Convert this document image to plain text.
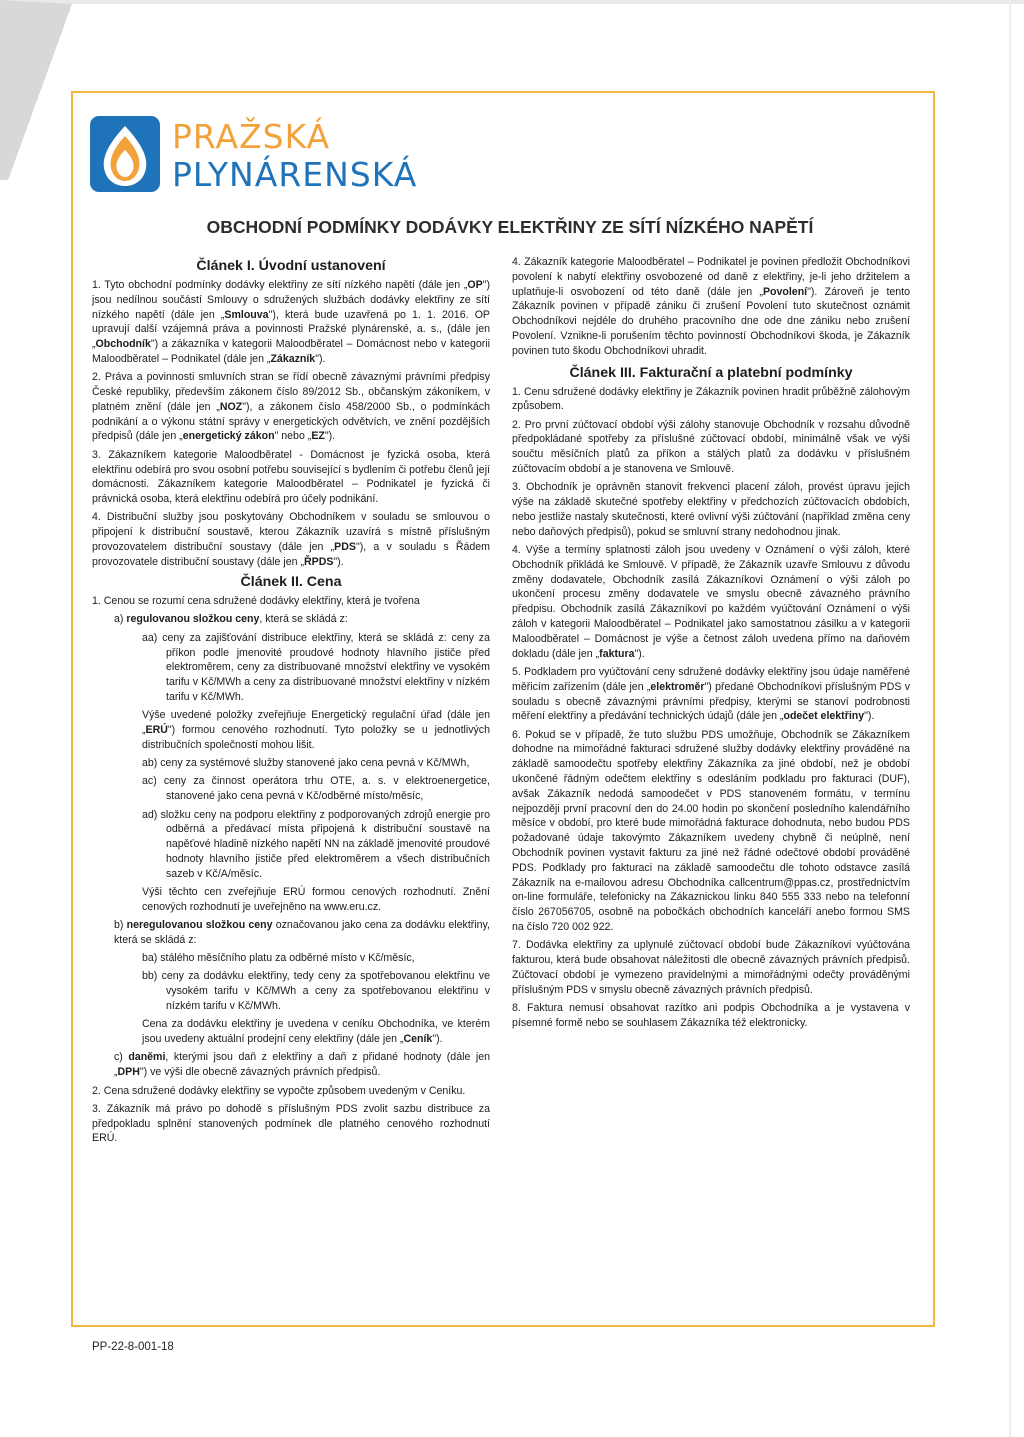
PRAŽSKÁ
PLYNÁRENSKÁ
OBCHODNÍ PODMÍNKY DODÁVKY ELEKTŘINY ZE SÍTÍ NÍZKÉHO NAPĚTÍ
Článek I. Úvodní ustanovení

1. Tyto obchodní podmínky dodávky elektřiny ze sítí nízkého napětí (dále jen „OP") jsou nedílnou součástí Smlouvy o sdružených službách dodávky elektřiny ze sítí nízkého napětí (dále jen „Smlouva"), která bude uzavřená po 1. 1. 2016. OP upravují další vzájemná práva a povinnosti Pražské plynárenské, a. s., (dále jen „Obchodník") a zákazníka v kategorii Maloodběratel – Domácnost nebo v kategorii Maloodběratel – Podnikatel (dále jen „Zákazník").

2. Práva a povinnosti smluvních stran se řídí obecně závaznými právními předpisy České republiky, především zákonem číslo 89/2012 Sb., občanským zákoníkem, v platném znění (dále jen „NOZ"), a zákonem číslo 458/2000 Sb., o podmínkách podnikání a o výkonu státní správy v energetických odvětvích, ve znění pozdějších předpisů (dále jen „energetický zákon" nebo „EZ").

3. Zákazníkem kategorie Maloodběratel - Domácnost je fyzická osoba, která elektřinu odebírá pro svou osobní potřebu související s bydlením či potřebu členů její domácnosti. Zákazníkem kategorie Maloodběratel – Podnikatel je fyzická či právnická osoba, která elektřinu odebírá pro účely podnikání.

4. Distribuční služby jsou poskytovány Obchodníkem v souladu se smlouvou o připojení k distribuční soustavě, kterou Zákazník uzavírá s místně příslušným provozovatelem distribuční soustavy (dále jen „PDS"), a v souladu s Řádem provozovatele distribuční soustavy (dále jen „ŘPDS").

Článek II. Cena

1. Cenou se rozumí cena sdružené dodávky elektřiny, která je tvořena

a) regulovanou složkou ceny, která se skládá z:

aa) ceny za zajišťování distribuce elektřiny, která se skládá z: ceny za příkon podle jmenovité proudové hodnoty hlavního jističe před elektroměrem, ceny za distribuované množství elektřiny ve vysokém tarifu v Kč/MWh a ceny za distribuované množství elektřiny v nízkém tarifu v Kč/MWh.

Výše uvedené položky zveřejňuje Energetický regulační úřad (dále jen „ERÚ") formou cenového rozhodnutí. Tyto položky se u jednotlivých distribučních společností mohou lišit.

ab) ceny za systémové služby stanovené jako cena pevná v Kč/MWh,

ac) ceny za činnost operátora trhu OTE, a. s. v elektroenergetice, stanovené jako cena pevná v Kč/odběrné místo/měsíc,

ad) složku ceny na podporu elektřiny z podporovaných zdrojů energie pro odběrná a předávací místa připojená k distribuční soustavě na napěťové hladině nízkého napětí NN na základě jmenovité proudové hodnoty hlavního jističe před elektroměrem a všech distribučních sazeb v Kč/A/měsíc.

Výši těchto cen zveřejňuje ERÚ formou cenových rozhodnutí. Znění cenových rozhodnutí je uveřejněno na www.eru.cz.

b) neregulovanou složkou ceny označovanou jako cena za dodávku elektřiny, která se skládá z:

ba) stálého měsíčního platu za odběrné místo v Kč/měsíc,

bb) ceny za dodávku elektřiny, tedy ceny za spotřebovanou elektřinu ve vysokém tarifu v Kč/MWh a ceny za spotřebovanou elektřinu v nízkém tarifu v Kč/MWh.

Cena za dodávku elektřiny je uvedena v ceníku Obchodníka, ve kterém jsou uvedeny aktuální prodejní ceny elektřiny (dále jen „Ceník").

c) daněmi, kterými jsou daň z elektřiny a daň z přidané hodnoty (dále jen „DPH") ve výši dle obecně závazných právních předpisů.

2. Cena sdružené dodávky elektřiny se vypočte způsobem uvedeným v Ceníku.

3. Zákazník má právo po dohodě s příslušným PDS zvolit sazbu distribuce za předpokladu splnění stanovených podmínek dle platného cenového rozhodnutí ERÚ.

4. Zákazník kategorie Maloodběratel – Podnikatel je povinen předložit Obchodníkovi povolení k nabytí elektřiny osvobozené od daně z elektřiny, je-li jeho držitelem a uplatňuje-li osvobození od této daně (dále jen „Povolení"). Zároveň je tento Zákazník povinen v případě zániku či zrušení Povolení tuto skutečnost oznámit Obchodníkovi nejdéle do druhého pracovního dne ode dne zániku nebo zrušení Povolení. Vznikne-li porušením těchto povinností Obchodníkovi škoda, je Zákazník povinen tuto škodu Obchodníkovi uhradit.

Článek III. Fakturační a platební podmínky

1. Cenu sdružené dodávky elektřiny je Zákazník povinen hradit průběžně zálohovým způsobem.

2. Pro první zúčtovací období výši zálohy stanovuje Obchodník v rozsahu důvodně předpokládané spotřeby za příslušné zúčtovací období, minimálně však ve výši součtu měsíčních platů za příkon a stálých platů za dodávku v příslušném zúčtovacím období a je stanovena ve Smlouvě.

3. Obchodník je oprávněn stanovit frekvenci placení záloh, provést úpravu jejich výše na základě skutečné spotřeby elektřiny v předchozích zúčtovacích obdobích, nebo jestliže nastaly skutečnosti, které ovlivní výši zúčtování (například změna ceny nebo daňových předpisů), pokud se smluvní strany nedohodnou jinak.

4. Výše a termíny splatnosti záloh jsou uvedeny v Oznámení o výši záloh, které Obchodník přikládá ke Smlouvě. V případě, že Zákazník uzavře Smlouvu z důvodu změny dodavatele, Obchodník zasílá Zákazníkovi Oznámení o výši záloh po ukončení procesu změny dodavatele ve smyslu obecně závazného právního předpisu. Obchodník zasílá Zákazníkovi po každém vyúčtování Oznámení o výši záloh v kategorii Maloodběratel – Podnikatel jako samostatnou zásilku a v kategorii Maloodběratel – Domácnost je výše a četnost záloh uvedena přímo na daňovém dokladu (dále jen „faktura").

5. Podkladem pro vyúčtování ceny sdružené dodávky elektřiny jsou údaje naměřené měřicím zařízením (dále jen „elektroměr") předané Obchodníkovi příslušným PDS v souladu s obecně závaznými právními předpisy, kterými se stanoví podrobnosti měření elektřiny a předávání technických údajů (dále jen „odečet elektřiny").

6. Pokud se v případě, že tuto službu PDS umožňuje, Obchodník se Zákazníkem dohodne na mimořádné fakturaci sdružené služby dodávky elektřiny prováděné na základě samoodečtu spotřeby elektřiny Zákazníka za jiné období, než je období ukončené řádným odečtem elektřiny s odesláním podkladu pro fakturaci (DUF), avšak Zákazník nedodá samoodečet v PDS stanoveném formátu, v termínu nejpozději první pracovní den do 24.00 hodin po skončení posledního kalendářního měsíce v období, pro které bude mimořádná fakturace dohodnuta, nebo budou PDS požadované údaje takovýmto Zákazníkem uvedeny chybně či neúplně, není Obchodník povinen vystavit fakturu za jiné než řádné odečtové období prováděné PDS. Podklady pro fakturaci na základě samoodečtu dle tohoto odstavce zasílá Zákazník na e-mailovou adresu Obchodníka callcentrum@ppas.cz, prostřednictvím on-line formuláře, telefonicky na Zákaznickou linku 840 555 333 nebo na telefonní číslo 267056705, osobně na pobočkách obchodních kanceláří anebo formou SMS na číslo 720 002 922.

7. Dodávka elektřiny za uplynulé zúčtovací období bude Zákazníkovi vyúčtována fakturou, která bude obsahovat náležitosti dle obecně závazných právních předpisů. Zúčtovací období je vymezeno pravidelnými a mimořádnými odečty prováděnými příslušným PDS v smyslu obecně závazných právních předpisů.

8. Faktura nemusí obsahovat razítko ani podpis Obchodníka a je vystavena v písemné formě nebo se souhlasem Zákazníka též elektronicky.

PP-22-8-001-18
